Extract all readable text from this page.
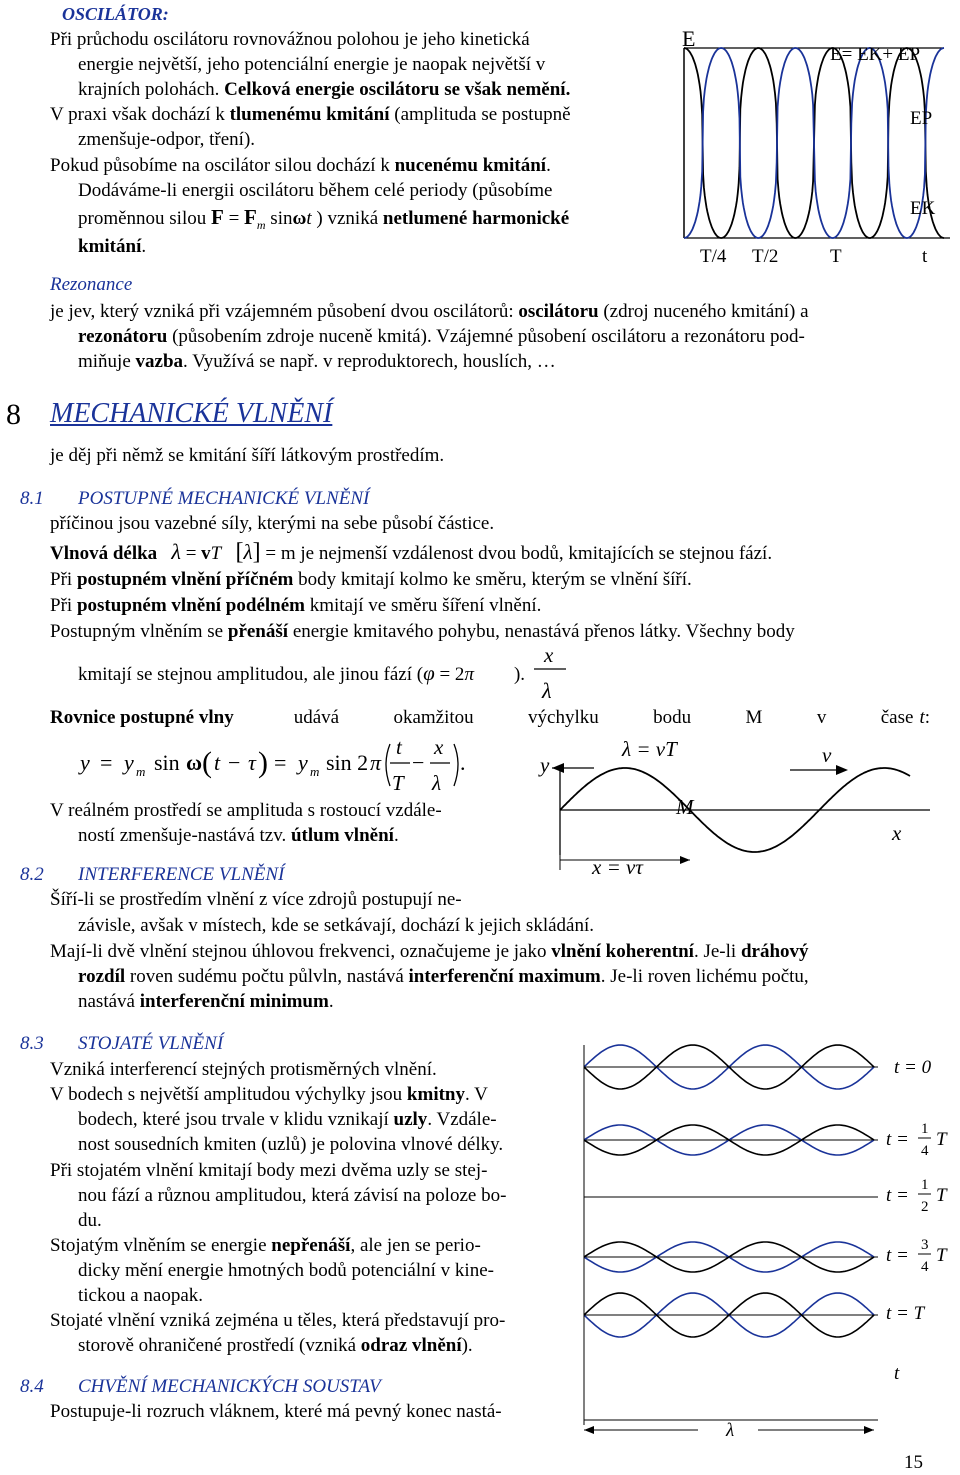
OSCILÁTOR:
Při průchodu oscilátoru rovnovážnou polohou je jeho kinetická
energie největší, jeho potenciální energie je naopak největší v
krajních polohách. Celková energie oscilátoru se však nemění.
V praxi však dochází k tlumenému kmitání (amplituda se postupně
zmenšuje-odpor, tření).
Pokud působíme na oscilátor silou dochází k nucenému kmitání.
Dodáváme-li energii oscilátoru během celé periody (působíme
proměnnou silou $F = F_m$ sinωt ) vzniká netlumené harmonické
kmitání.
E
E= EK+ EP
EP
EK
T/4 T/2	T	t
Rezonance
je jev, který vzniká při vzájemném působení dvou oscilátorů: oscilátoru (zdroj nuceného kmitání) a
rezonátoru (působením zdroje nuceně kmitá). Vzájemné působení oscilátoru a rezonátoru pod-
miňuje vazba. Využívá se např. v reproduktorech, houslích, …
8 MECHANICKÉ VLNĚNÍ
je děj při němž se kmitání šíří látkovým prostředím.
8.1 POSTUPNÉ MECHANICKÉ VLNĚNÍ
příčinou jsou vazebné síly, kterými na sebe působí částice.
Vlnová délka λ = vT [λ] = m je nejmenší vzdálenost dvou bodů, kmitajících se stejnou fází.
Při postupném vlnění příčném body kmitají kolmo ke směru, kterým se vlnění šíří.
Při postupném vlnění podélném kmitají ve směru šíření vlnění.
Postupným vlněním se přenáší energie kmitavého pohybu, nenastává přenos látky. Všechny body
kmitají se stejnou amplitudou, ale jinou fází (φ = 2π ).
x
λ
Rovnice postupné vlny	udává okamžitou výchylku bodu M v čase t:
y = y m sin ω ( t − τ ) = y m sin 2 π
t
T
−
x
λ
.
V reálném prostředí se amplituda s rostoucí vzdále-
ností zmenšuje-nastává tzv. útlum vlnění.
y
λ = vT	v
M
x
x = vτ
8.2 INTERFERENCE VLNĚNÍ
Šíří-li se prostředím vlnění z více zdrojů postupují ne-
závisle, avšak v místech, kde se setkávají, dochází k jejich skládání.
Mají-li dvě vlnění stejnou úhlovou frekvenci, označujeme je jako vlnění koherentní. Je-li dráhový
rozdíl roven sudému počtu půlvln, nastává interferenční maximum. Je-li roven lichému počtu,
nastává interferenční minimum.
8.3 STOJATÉ VLNĚNÍ
Vzniká interferencí stejných protisměrných vlnění.
V bodech s největší amplitudou výchylky jsou kmitny. V
bodech, které jsou trvale v klidu vznikají uzly. Vzdále-
nost sousedních kmiten (uzlů) je polovina vlnové délky.
Při stojatém vlnění kmitají body mezi dvěma uzly se stej-
nou fází a různou amplitudou, která závisí na poloze bo-
du.
Stojatým vlněním se energie nepřenáší, ale jen se perio-
dicky mění energie hmotných bodů potenciální v kine-
tickou a naopak.
Stojaté vlnění vzniká zejména u těles, která představují pro-
storově ohraničené prostředí (vzniká odraz vlnění).
λ
t
t = 0
t = 1
4
T
t = 1
2
T
t = 3
4
T
t = T
8.4 CHVĚNÍ MECHANICKÝCH SOUSTAV
Postupuje-li rozruch vláknem, které má pevný konec nastá-
15
